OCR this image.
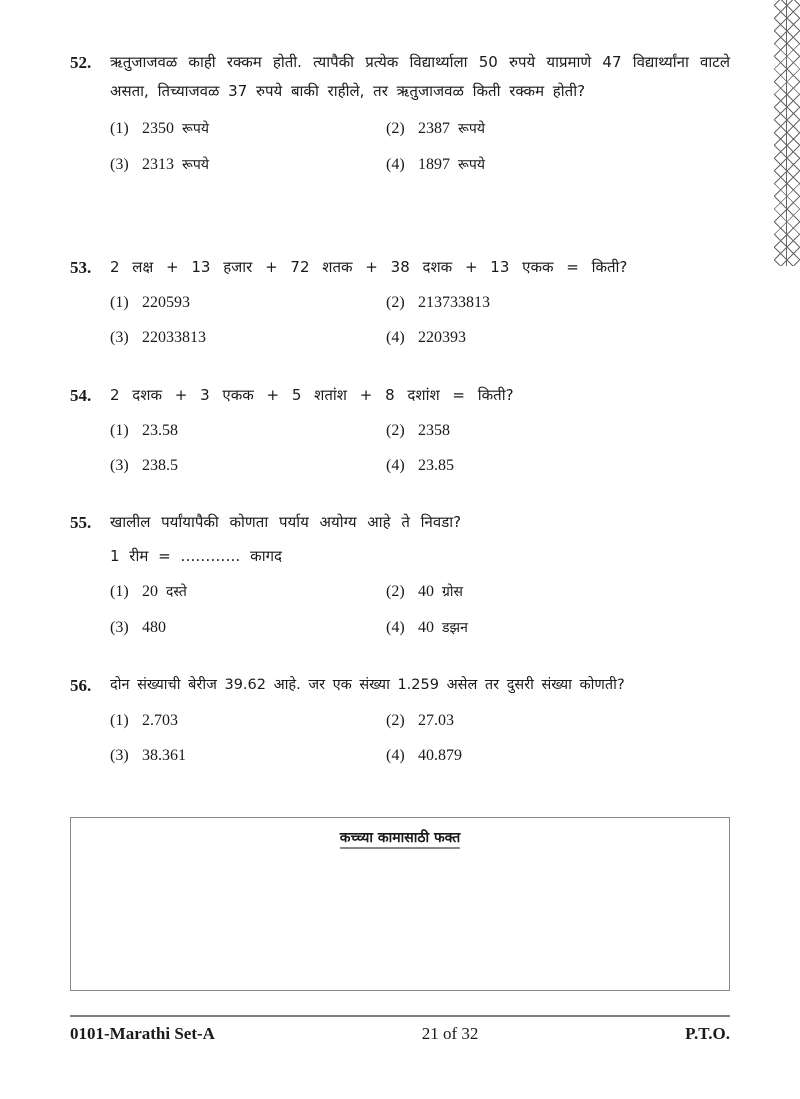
52.	ऋतुजाजवळ काही रक्कम होती. त्यापैकी प्रत्येक विद्यार्थ्याला 50 रुपये याप्रमाणे 47 विद्यार्थ्यांना वाटले असता, तिच्याजवळ 37 रुपये बाकी राहीले, तर ऋतुजाजवळ किती रक्कम होती?
(1) 2350 रूपये	(2) 2387 रूपये
(3) 2313 रूपये	(4) 1897 रूपये
53.	2 लक्ष + 13 हजार + 72 शतक + 38 दशक + 13 एकक = किती?
(1) 220593	(2) 213733813
(3) 22033813	(4) 220393
54.	2 दशक + 3 एकक + 5 शतांश + 8 दशांश = किती?
(1) 23.58	(2) 2358
(3) 238.5	(4) 23.85
55.	खालील पर्यांयापैकी कोणता पर्याय अयोग्य आहे ते निवडा?
1 रीम = ………… कागद
(1) 20 दस्ते	(2) 40 ग्रोस
(3) 480	(4) 40 डझन
56.	दोन संख्याची बेरीज 39.62 आहे. जर एक संख्या 1.259 असेल तर दुसरी संख्या कोणती?
(1) 2.703	(2) 27.03
(3) 38.361	(4) 40.879
कच्च्या कामासाठी फक्त
0101-Marathi Set-A	21 of 32	P.T.O.
